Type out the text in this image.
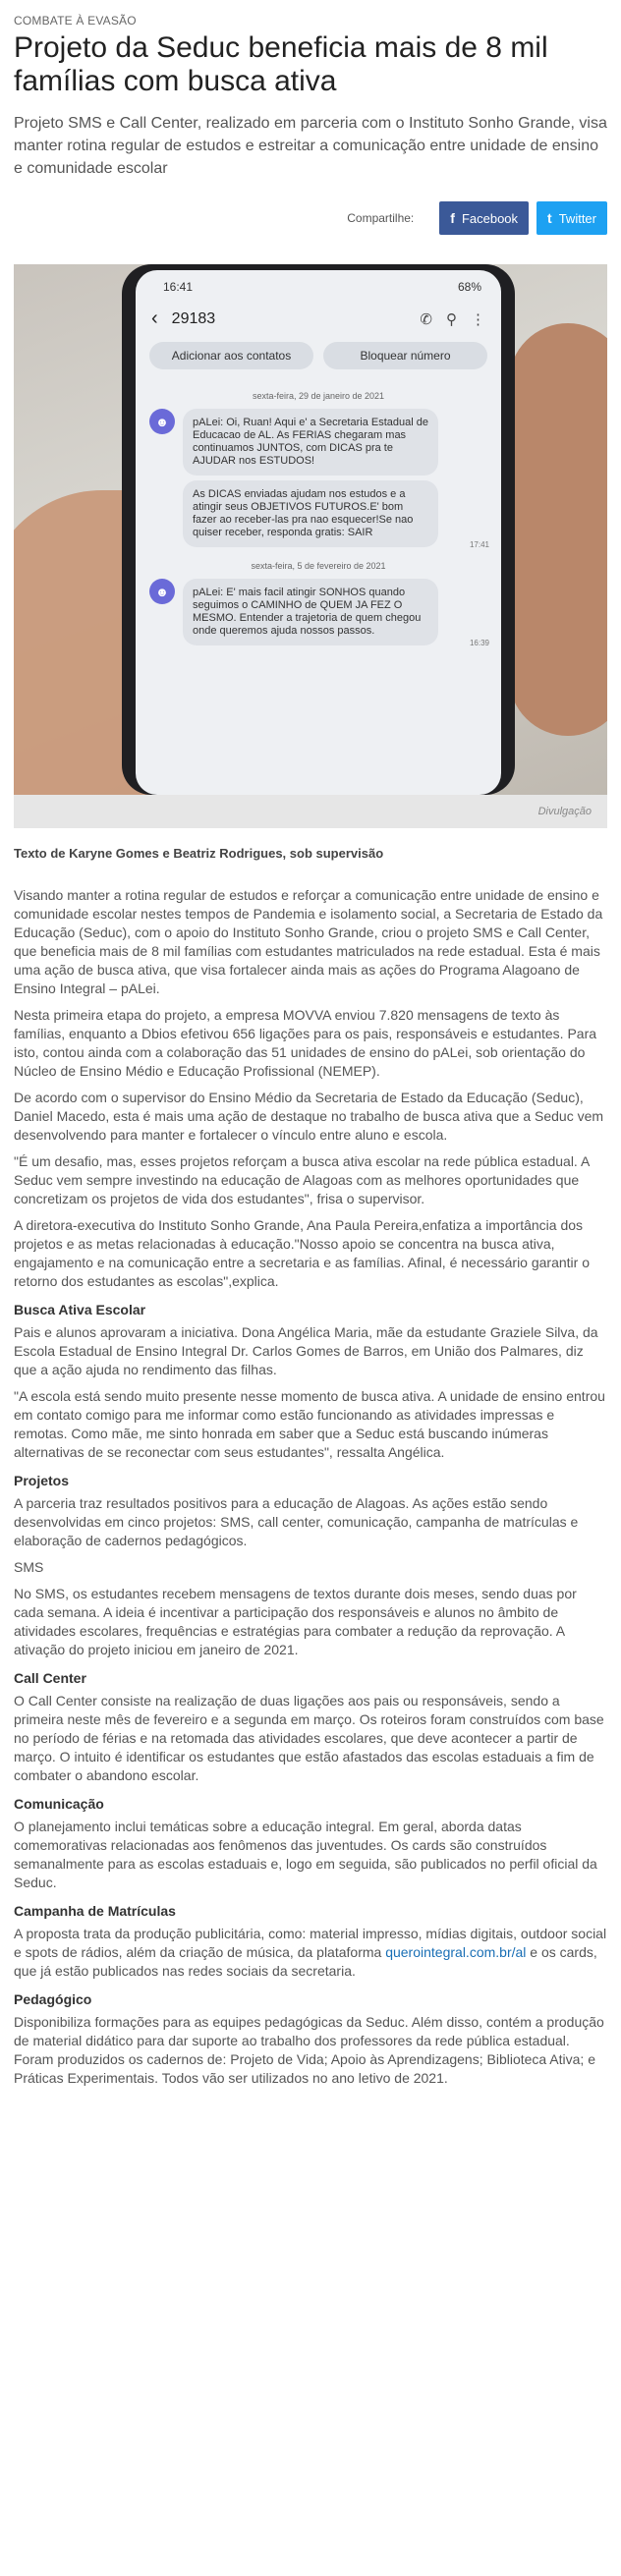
COMBATE À EVASÃO
Projeto da Seduc beneficia mais de 8 mil famílias com busca ativa

Projeto SMS e Call Center, realizado em parceria com o Instituto Sonho Grande, visa manter rotina regular de estudos e estreitar a comunicação entre unidade de ensino e comunidade escolar

Compartilhe:	f Facebook t Twitter
16:41	68%
‹ 29183	✆ ⚲ ⋮
Adicionar aos contatos	Bloquear número
sexta-feira, 29 de janeiro de 2021
☻	pALei: Oi, Ruan! Aqui e' a Secretaria Estadual de Educacao de AL. As FERIAS chegaram mas continuamos JUNTOS, com DICAS pra te AJUDAR nos ESTUDOS!
As DICAS enviadas ajudam nos estudos e a atingir seus OBJETIVOS FUTUROS.E' bom fazer ao receber-las pra nao esquecer!Se nao quiser receber, responda gratis: SAIR
17:41
sexta-feira, 5 de fevereiro de 2021
☻	pALei: E' mais facil atingir SONHOS quando seguimos o CAMINHO de QUEM JA FEZ O MESMO. Entender a trajetoria de quem chegou onde queremos ajuda nossos passos.
16:39
Divulgação
Texto de Karyne Gomes e Beatriz Rodrigues, sob supervisão

Visando manter a rotina regular de estudos e reforçar a comunicação entre unidade de ensino e comunidade escolar nestes tempos de Pandemia e isolamento social, a Secretaria de Estado da Educação (Seduc), com o apoio do Instituto Sonho Grande, criou o projeto SMS e Call Center, que beneficia mais de 8 mil famílias com estudantes matriculados na rede estadual. Esta é mais uma ação de busca ativa, que visa fortalecer ainda mais as ações do Programa Alagoano de Ensino Integral – pALei.

Nesta primeira etapa do projeto, a empresa MOVVA enviou 7.820 mensagens de texto às famílias, enquanto a Dbios efetivou 656 ligações para os pais, responsáveis e estudantes. Para isto, contou ainda com a colaboração das 51 unidades de ensino do pALei, sob orientação do Núcleo de Ensino Médio e Educação Profissional (NEMEP).

De acordo com o supervisor do Ensino Médio da Secretaria de Estado da Educação (Seduc), Daniel Macedo, esta é mais uma ação de destaque no trabalho de busca ativa que a Seduc vem desenvolvendo para manter e fortalecer o vínculo entre aluno e escola.

"É um desafio, mas, esses projetos reforçam a busca ativa escolar na rede pública estadual. A Seduc vem sempre investindo na educação de Alagoas com as melhores oportunidades que concretizam os projetos de vida dos estudantes", frisa o supervisor.

A diretora-executiva do Instituto Sonho Grande, Ana Paula Pereira,enfatiza a importância dos projetos e as metas relacionadas à educação."Nosso apoio se concentra na busca ativa, engajamento e na comunicação entre a secretaria e as famílias. Afinal, é necessário garantir o retorno dos estudantes as escolas",explica.

Busca Ativa Escolar

Pais e alunos aprovaram a iniciativa. Dona Angélica Maria, mãe da estudante Graziele Silva, da Escola Estadual de Ensino Integral Dr. Carlos Gomes de Barros, em União dos Palmares, diz que a ação ajuda no rendimento das filhas.

"A escola está sendo muito presente nesse momento de busca ativa. A unidade de ensino entrou em contato comigo para me informar como estão funcionando as atividades impressas e remotas. Como mãe, me sinto honrada em saber que a Seduc está buscando inúmeras alternativas de se reconectar com seus estudantes", ressalta Angélica.

Projetos

A parceria traz resultados positivos para a educação de Alagoas. As ações estão sendo desenvolvidas em cinco projetos: SMS, call center, comunicação, campanha de matrículas e elaboração de cadernos pedagógicos.

SMS

No SMS, os estudantes recebem mensagens de textos durante dois meses, sendo duas por cada semana. A ideia é incentivar a participação dos responsáveis e alunos no âmbito de atividades escolares, frequências e estratégias para combater a redução da reprovação. A ativação do projeto iniciou em janeiro de 2021.

Call Center

O Call Center consiste na realização de duas ligações aos pais ou responsáveis, sendo a primeira neste mês de fevereiro e a segunda em março. Os roteiros foram construídos com base no período de férias e na retomada das atividades escolares, que deve acontecer a partir de março. O intuito é identificar os estudantes que estão afastados das escolas estaduais a fim de combater o abandono escolar.

Comunicação

O planejamento inclui temáticas sobre a educação integral. Em geral, aborda datas comemorativas relacionadas aos fenômenos das juventudes. Os cards são construídos semanalmente para as escolas estaduais e, logo em seguida, são publicados no perfil oficial da Seduc.

Campanha de Matrículas

A proposta trata da produção publicitária, como: material impresso, mídias digitais, outdoor social e spots de rádios, além da criação de música, da plataforma querointegral.com.br/al e os cards, que já estão publicados nas redes sociais da secretaria.

Pedagógico

Disponibiliza formações para as equipes pedagógicas da Seduc. Além disso, contém a produção de material didático para dar suporte ao trabalho dos professores da rede pública estadual. Foram produzidos os cadernos de: Projeto de Vida; Apoio às Aprendizagens; Biblioteca Ativa; e Práticas Experimentais. Todos vão ser utilizados no ano letivo de 2021.
